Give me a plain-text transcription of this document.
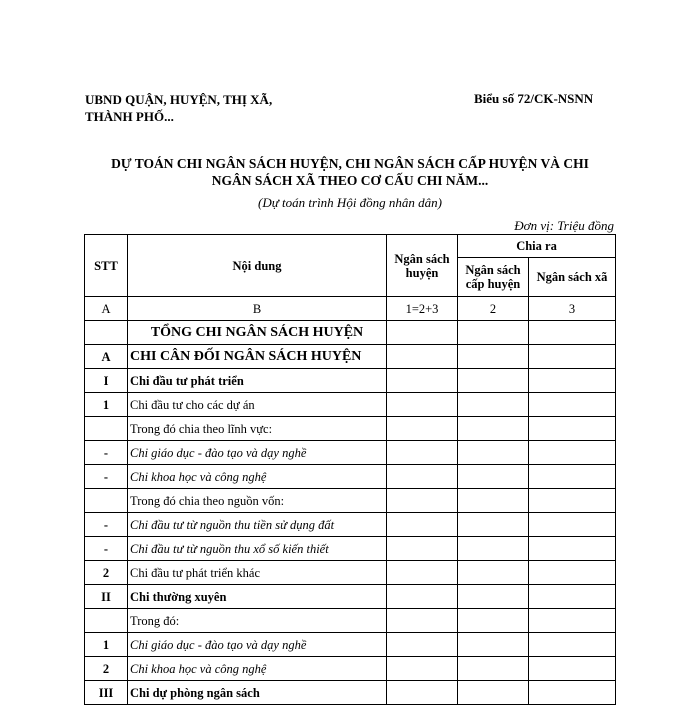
UBND QUẬN, HUYỆN, THỊ XÃ,
THÀNH PHỐ...
Biểu số 72/CK-NSNN
DỰ TOÁN CHI NGÂN SÁCH HUYỆN, CHI NGÂN SÁCH CẤP HUYỆN VÀ CHI
NGÂN SÁCH XÃ THEO CƠ CẤU CHI NĂM...
(Dự toán trình Hội đồng nhân dân)
Đơn vị: Triệu đồng
STT	Nội dung	Ngân sách huyện	Chia ra	
			Ngân sách cấp huyện	Ngân sách xã
A	B	1=2+3	2	3
	TỔNG CHI NGÂN SÁCH HUYỆN			
A	CHI CÂN ĐỐI NGÂN SÁCH HUYỆN			
I	Chi đầu tư phát triển			
1	Chi đầu tư cho các dự án			
	Trong đó chia theo lĩnh vực:			
-	Chi giáo dục - đào tạo và dạy nghề			
-	Chi khoa học và công nghệ			
	Trong đó chia theo nguồn vốn:			
-	Chi đầu tư từ nguồn thu tiền sử dụng đất			
-	Chi đầu tư từ nguồn thu xổ số kiến thiết			
2	Chi đầu tư phát triển khác			
II	Chi thường xuyên			
	Trong đó:			
1	Chi giáo dục - đào tạo và dạy nghề			
2	Chi khoa học và công nghệ			
III	Chi dự phòng ngân sách			
